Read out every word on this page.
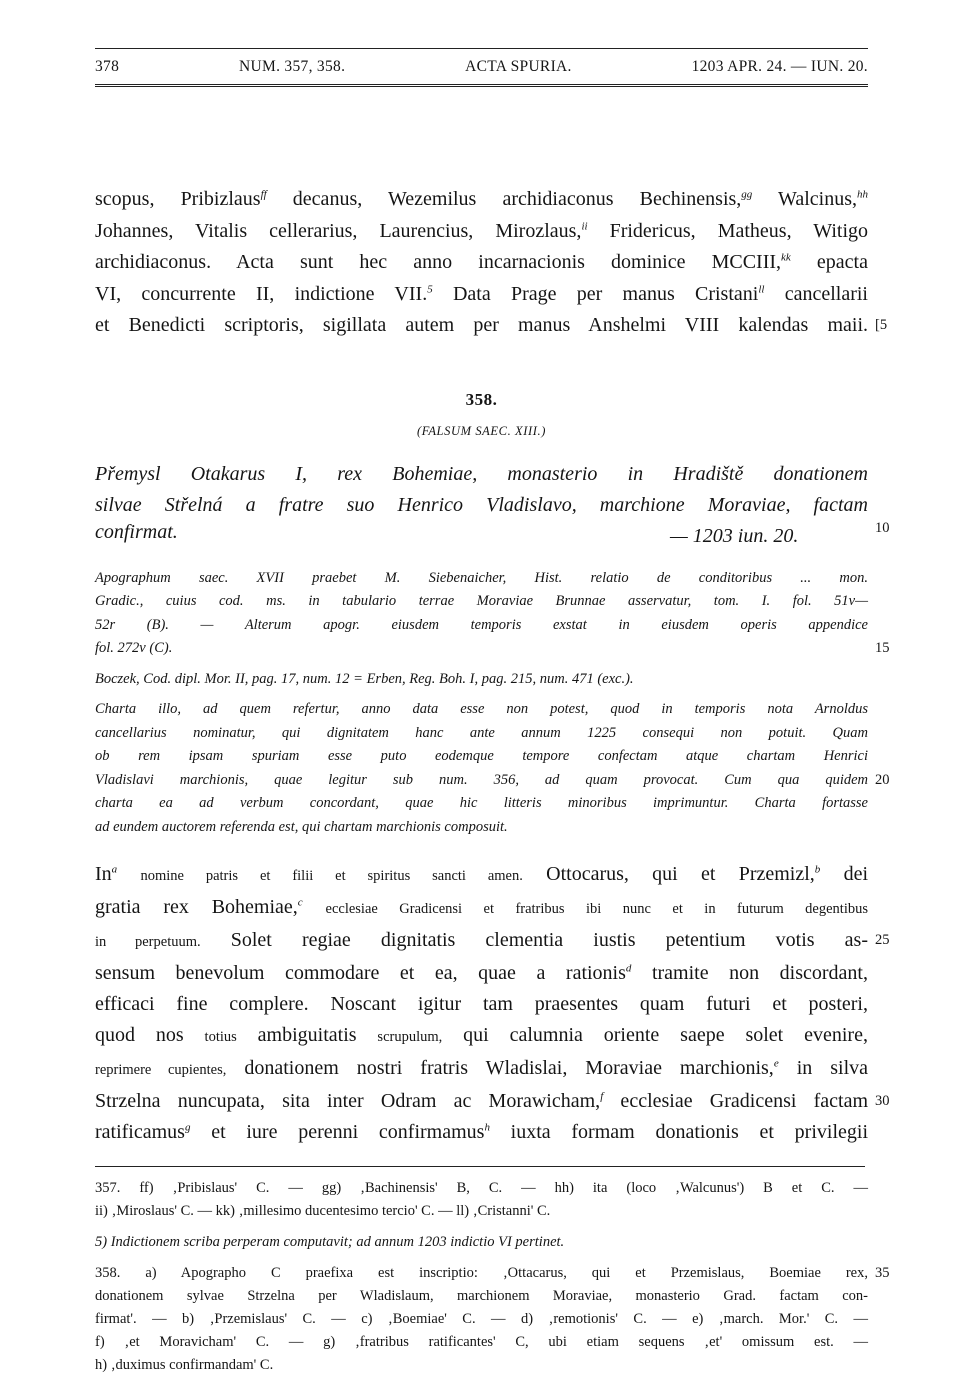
378	NUM. 357, 358.	ACTA SPURIA.	1203 APR. 24. — IUN. 20.
scopus, Pribizlaus$^{ff}$ decanus, Wezemilus archidiaconus Bechinensis,$^{gg}$ Walcinus,$^{hh}$
Johannes, Vitalis cellerarius, Laurencius, Mirozlaus,$^{ii}$ Fridericus, Matheus, Witigo
archidiaconus. Acta sunt hec anno incarnacionis dominice MCCIII,$^{kk}$ epacta
VI, concurrente II, indictione VII.$^5$ Data Prage per manus Cristani$^{ll}$ cancellarii
et Benedicti scriptoris, sigillata autem per manus Anshelmi VIII kalendas maii. [5
358.
(FALSUM SAEC. XIII.)
Přemysl Otakarus I, rex Bohemiae, monasterio in Hradiště donationem
silvae Střelná a fratre suo Henrico Vladislavo, marchione Moraviae, factam
confirmat.	— 1203 iun. 20.	10
Apographum saec. XVII praebet M. Siebenaicher, Hist. relatio de conditoribus ... mon.
Gradic., cuius cod. ms. in tabulario terrae Moraviae Brunnae asservatur, tom. I. fol. 51v—
52r (B). — Alterum apogr. eiusdem temporis exstat in eiusdem operis appendice
fol. 272v (C).	15
Boczek, Cod. dipl. Mor. II, pag. 17, num. 12 = Erben, Reg. Boh. I, pag. 215, num. 471 (exc.).
Charta illo, ad quem refertur, anno data esse non potest, quod in temporis nota Arnoldus
cancellarius nominatur, qui dignitatem hanc ante annum 1225 consequi non potuit. Quam
ob rem ipsam spuriam esse puto eodemque tempore confectam atque chartam Henrici
Vladislavi marchionis, quae legitur sub num. 356, ad quam provocat. Cum qua quidem 20
charta ea ad verbum concordant, quae hic litteris minoribus imprimuntur. Charta fortasse
ad eundem auctorem referenda est, qui chartam marchionis composuit.
In$^a$ nomine patris et filii et spiritus sancti amen. Ottocarus, qui et Przemizl,$^b$ dei
gratia rex Bohemiae,$^c$ ecclesiae Gradicensi et fratribus ibi nunc et in futurum degentibus
in perpetuum. Solet regiae dignitatis clementia iustis petentium votis as- 25
sensum benevolum commodare et ea, quae a rationis$^d$ tramite non discordant,
efficaci fine complere. Noscant igitur tam praesentes quam futuri et posteri,
quod nos totius ambiguitatis scrupulum, qui calumnia oriente saepe solet evenire,
reprimere cupientes, donationem nostri fratris Wladislai, Moraviae marchionis,$^e$ in silva
Strzelna nuncupata, sita inter Odram ac Morawicham,$^f$ ecclesiae Gradicensi factam 30
ratificamus$^g$ et iure perenni confirmamus$^h$ iuxta formam donationis et privilegii
357. ff) ‚Pribislaus' C. — gg) ‚Bachinensis' B, C. — hh) ita (loco ‚Walcunus') B et C. —
ii) ‚Miroslaus' C. — kk) ‚millesimo ducentesimo tercio' C. — ll) ‚Cristanni' C.
5) Indictionem scriba perperam computavit; ad annum 1203 indictio VI pertinet.
358. a) Apographo C praefixa est inscriptio: ‚Ottacarus, qui et Przemislaus, Boemiae rex, 35
donationem sylvae Strzelna per Wladislaum, marchionem Moraviae, monasterio Grad. factam con-
firmat'. — b) ‚Przemislaus' C. — c) ‚Boemiae' C. — d) ‚remotionis' C. — e) ‚march. Mor.' C. —
f) ‚et Moravicham' C. — g) ‚fratribus ratificantes' C, ubi etiam sequens ‚et' omissum est. —
h) ‚duximus confirmandam' C.
